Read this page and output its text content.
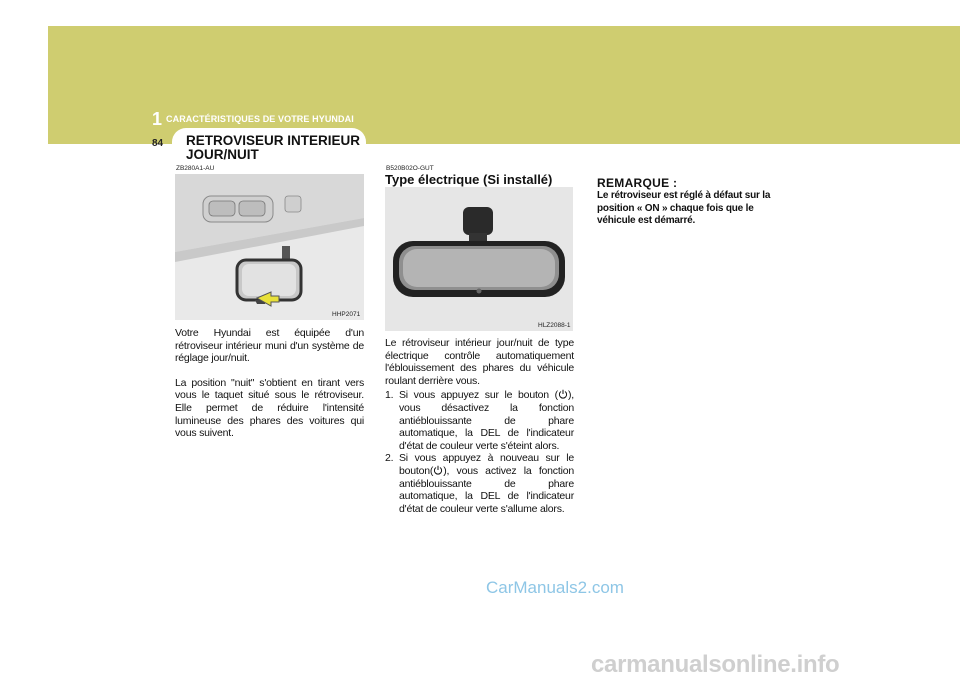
1 CARACTÉRISTIQUES DE VOTRE HYUNDAI
84 RETROVISEUR INTERIEUR JOUR/NUIT
ZB280A1-AU
HHP2071

Votre Hyundai est équipée d'un rétroviseur intérieur muni d'un système de réglage jour/nuit.

La position "nuit" s'obtient en tirant vers vous le taquet situé sous le rétroviseur. Elle permet de réduire l'intensité lumineuse des phares des voitures qui vous suivent.

B520B02O-GUT
Type électrique (Si installé)
HLZ2088-1
Le rétroviseur intérieur jour/nuit de type électrique contrôle automatiquement l'éblouissement des phares du véhicule roulant derrière vous.
1. Si vous appuyez sur le bouton ( ), vous désactivez la fonction antiéblouissante de phare automatique, la DEL de l'indicateur d'état de couleur verte s'éteint alors.
2. Si vous appuyez à nouveau sur le bouton( ), vous activez la fonction antiéblouissante de phare automatique, la DEL de l'indicateur d'état de couleur verte s'allume alors.
REMARQUE :
Le rétroviseur est réglé à défaut sur la position « ON » chaque fois que le véhicule est démarré.
CarManuals2.com
carmanualsonline.info
